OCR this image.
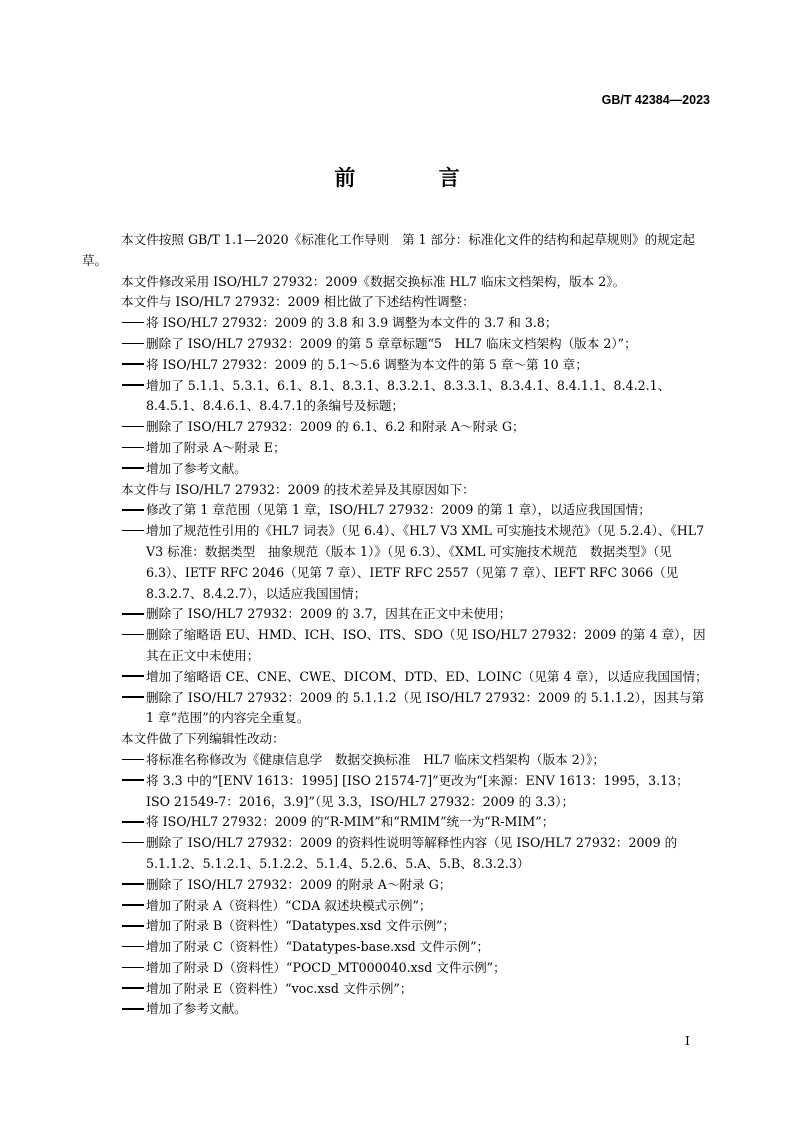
GB/T 42384—2023
前 言
本文件按照 GB/T 1.1—2020《标准化工作导则　第 1 部分：标准化文件的结构和起草规则》的规定起草。
本文件修改采用 ISO/HL7 27932：2009《数据交换标准 HL7 临床文档架构，版本 2》。
本文件与 ISO/HL7 27932：2009 相比做了下述结构性调整：
将 ISO/HL7 27932：2009 的 3.8 和 3.9 调整为本文件的 3.7 和 3.8；
删除了 ISO/HL7 27932：2009 的第 5 章章标题“5　HL7 临床文档架构（版本 2）”；
将 ISO/HL7 27932：2009 的 5.1～5.6 调整为本文件的第 5 章～第 10 章；
增加了 5.1.1、5.3.1、6.1、8.1、8.3.1、8.3.2.1、8.3.3.1、8.3.4.1、8.4.1.1、8.4.2.1、8.4.5.1、8.4.6.1、8.4.7.1的条编号及标题；
删除了 ISO/HL7 27932：2009 的 6.1、6.2 和附录 A～附录 G；
增加了附录 A～附录 E；
增加了参考文献。
本文件与 ISO/HL7 27932：2009 的技术差异及其原因如下：
修改了第 1 章范围（见第 1 章，ISO/HL7 27932：2009 的第 1 章），以适应我国国情；
增加了规范性引用的《HL7 词表》（见 6.4）、《HL7 V3 XML 可实施技术规范》（见 5.2.4）、《HL7 V3 标准：数据类型　抽象规范（版本 1）》（见 6.3）、《XML 可实施技术规范　数据类型》（见 6.3）、IETF RFC 2046（见第 7 章）、IETF RFC 2557（见第 7 章）、IEFT RFC 3066（见 8.3.2.7、8.4.2.7），以适应我国国情；
删除了 ISO/HL7 27932：2009 的 3.7，因其在正文中未使用；
删除了缩略语 EU、HMD、ICH、ISO、ITS、SDO（见 ISO/HL7 27932：2009 的第 4 章），因其在正文中未使用；
增加了缩略语 CE、CNE、CWE、DICOM、DTD、ED、LOINC（见第 4 章），以适应我国国情；
删除了 ISO/HL7 27932：2009 的 5.1.1.2（见 ISO/HL7 27932：2009 的 5.1.1.2），因其与第 1 章“范围”的内容完全重复。
本文件做了下列编辑性改动：
将标准名称修改为《健康信息学　数据交换标准　HL7 临床文档架构（版本 2）》；
将 3.3 中的“[ENV 1613：1995] [ISO 21574-7]”更改为“[来源：ENV 1613：1995，3.13；ISO 21549-7：2016，3.9]”（见 3.3，ISO/HL7 27932：2009 的 3.3）；
将 ISO/HL7 27932：2009 的“R-MIM”和“RMIM”统一为“R-MIM”；
删除了 ISO/HL7 27932：2009 的资料性说明等解释性内容（见 ISO/HL7 27932：2009 的 5.1.1.2、5.1.2.1、5.1.2.2、5.1.4、5.2.6、5.A、5.B、8.3.2.3）
删除了 ISO/HL7 27932：2009 的附录 A～附录 G；
增加了附录 A（资料性）“CDA 叙述块模式示例”；
增加了附录 B（资料性）“Datatypes.xsd 文件示例”；
增加了附录 C（资料性）“Datatypes-base.xsd 文件示例”；
增加了附录 D（资料性）“POCD_MT000040.xsd 文件示例”；
增加了附录 E（资料性）“voc.xsd 文件示例”；
增加了参考文献。
I
